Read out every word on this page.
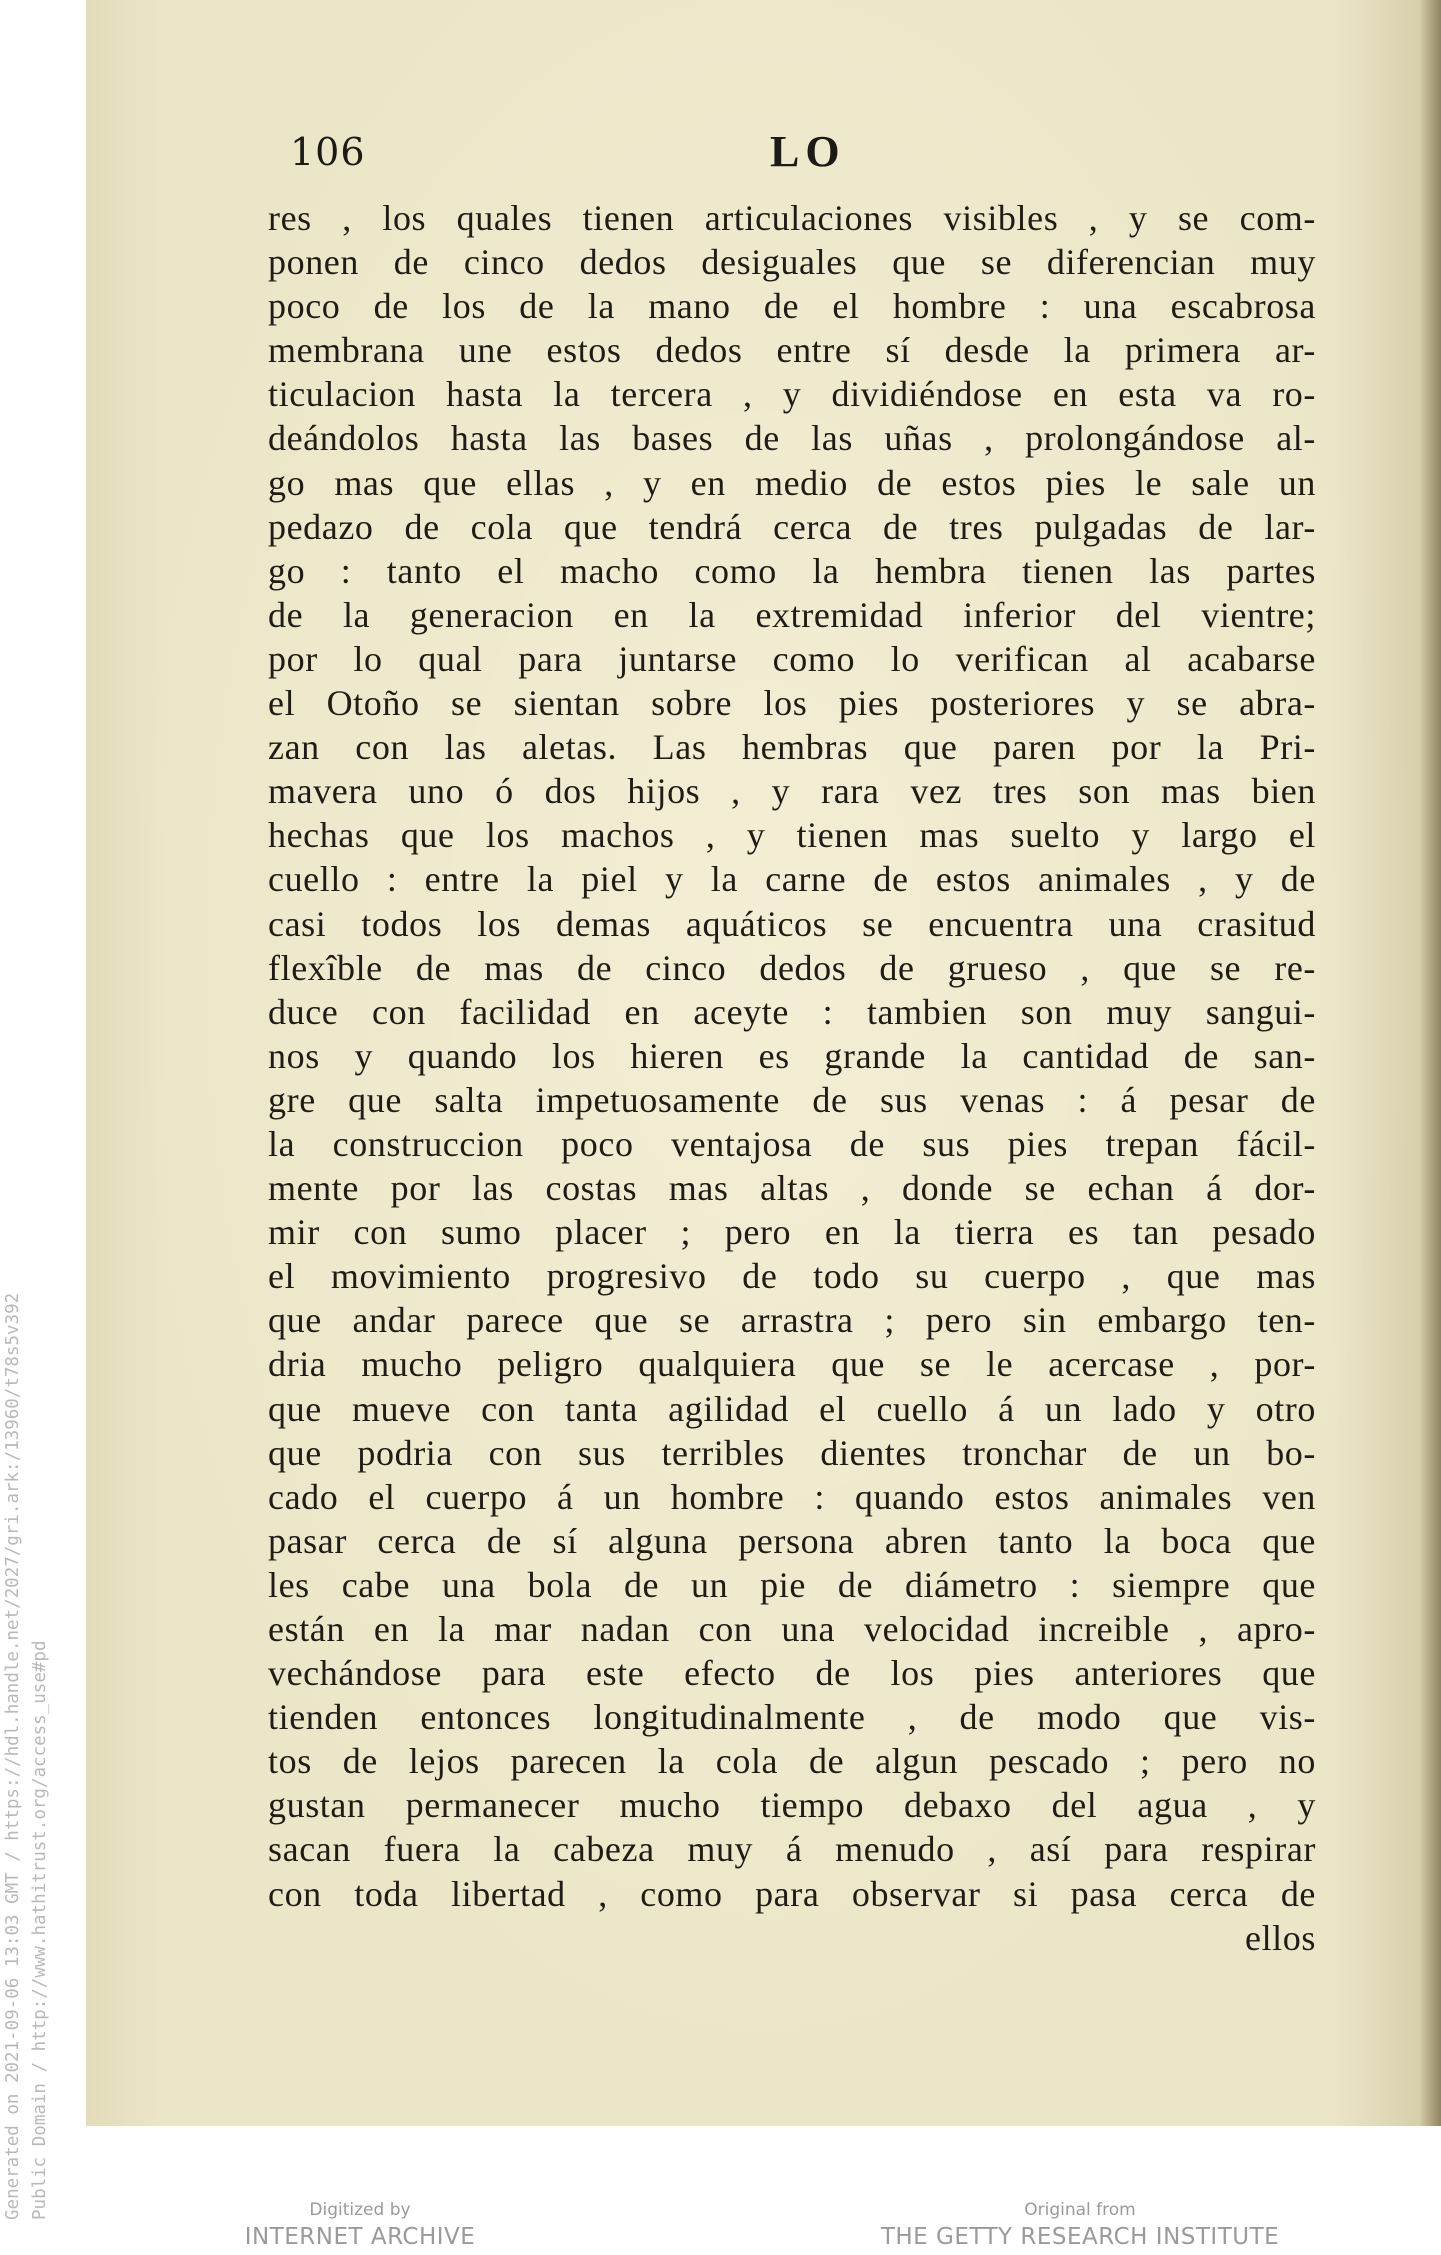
106	LO
res , los quales tienen articulaciones visibles , y se com-
ponen de cinco dedos desiguales que se diferencian muy
poco de los de la mano de el hombre : una escabrosa
membrana une estos dedos entre sí desde la primera ar-
ticulacion hasta la tercera , y dividiéndose en esta va ro-
deándolos hasta las bases de las uñas , prolongándose al-
go mas que ellas , y en medio de estos pies le sale un
pedazo de cola que tendrá cerca de tres pulgadas de lar-
go : tanto el macho como la hembra tienen las partes
de la generacion en la extremidad inferior del vientre;
por lo qual para juntarse como lo verifican al acabarse
el Otoño se sientan sobre los pies posteriores y se abra-
zan con las aletas. Las hembras que paren por la Pri-
mavera uno ó dos hijos , y rara vez tres son mas bien
hechas que los machos , y tienen mas suelto y largo el
cuello : entre la piel y la carne de estos animales , y de
casi todos los demas aquáticos se encuentra una crasitud
flexîble de mas de cinco dedos de grueso , que se re-
duce con facilidad en aceyte : tambien son muy sangui-
nos y quando los hieren es grande la cantidad de san-
gre que salta impetuosamente de sus venas : á pesar de
la construccion poco ventajosa de sus pies trepan fácil-
mente por las costas mas altas , donde se echan á dor-
mir con sumo placer ; pero en la tierra es tan pesado
el movimiento progresivo de todo su cuerpo , que mas
que andar parece que se arrastra ; pero sin embargo ten-
dria mucho peligro qualquiera que se le acercase , por-
que mueve con tanta agilidad el cuello á un lado y otro
que podria con sus terribles dientes tronchar de un bo-
cado el cuerpo á un hombre : quando estos animales ven
pasar cerca de sí alguna persona abren tanto la boca que
les cabe una bola de un pie de diámetro : siempre que
están en la mar nadan con una velocidad increible , apro-
vechándose para este efecto de los pies anteriores que
tienden entonces longitudinalmente , de modo que vis-
tos de lejos parecen la cola de algun pescado ; pero no
gustan permanecer mucho tiempo debaxo del agua , y
sacan fuera la cabeza muy á menudo , así para respirar
con toda libertad , como para observar si pasa cerca de
ellos
Generated on 2021-09-06 13:03 GMT / https://hdl.handle.net/2027/gri.ark:/13960/t78s5v392 Public Domain / http://www.hathitrust.org/access_use#pd	Digitized by
INTERNET ARCHIVE
Original from
THE GETTY RESEARCH INSTITUTE
